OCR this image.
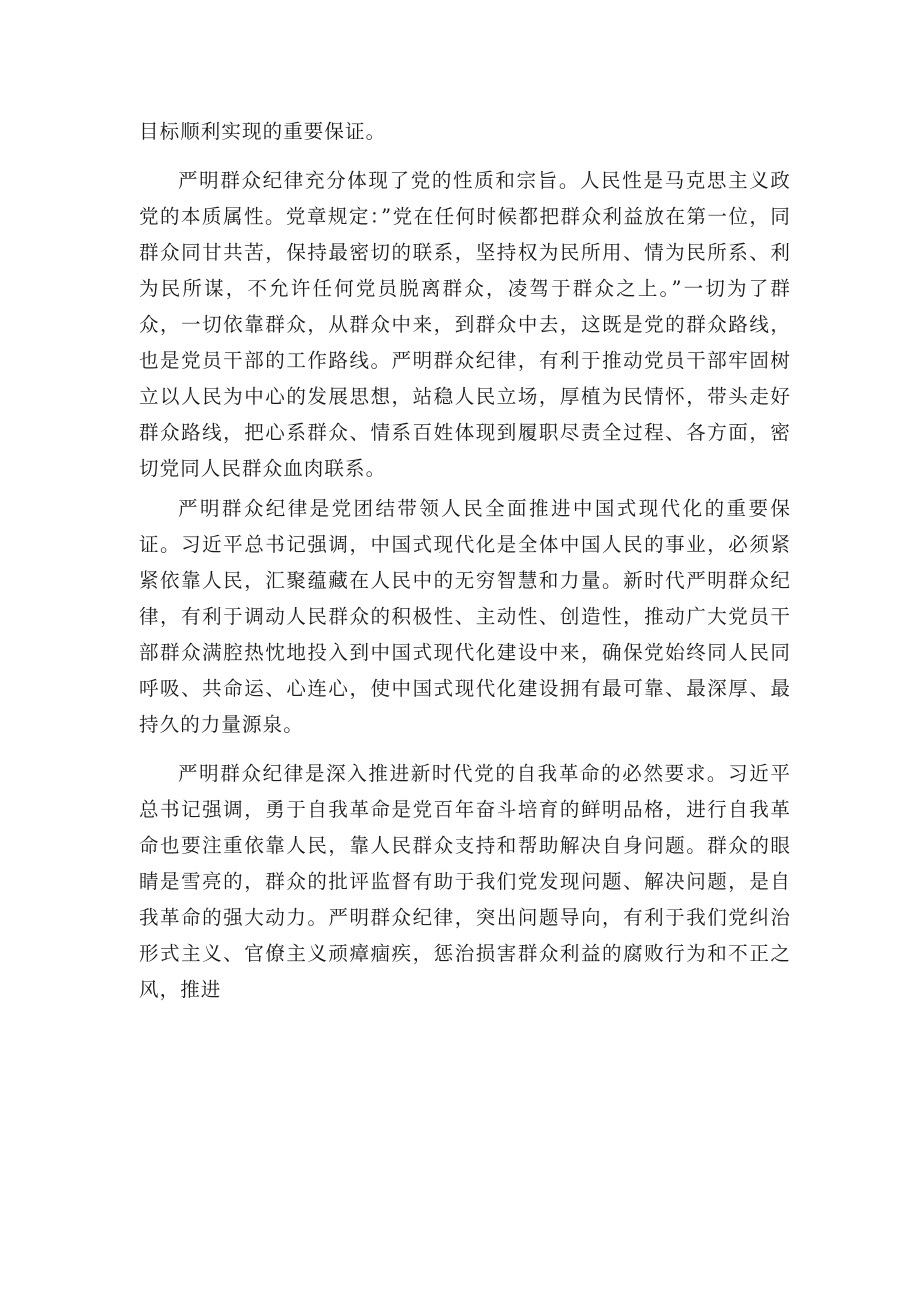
目标顺利实现的重要保证。

严明群众纪律充分体现了党的性质和宗旨。人民性是马克思主义政党的本质属性。党章规定：”党在任何时候都把群众利益放在第一位，同群众同甘共苦，保持最密切的联系，坚持权为民所用、情为民所系、利为民所谋，不允许任何党员脱离群众，凌驾于群众之上。”一切为了群众，一切依靠群众，从群众中来，到群众中去，这既是党的群众路线，也是党员干部的工作路线。严明群众纪律，有利于推动党员干部牢固树立以人民为中心的发展思想，站稳人民立场，厚植为民情怀，带头走好群众路线，把心系群众、情系百姓体现到履职尽责全过程、各方面，密切党同人民群众血肉联系。

严明群众纪律是党团结带领人民全面推进中国式现代化的重要保证。习近平总书记强调，中国式现代化是全体中国人民的事业，必须紧紧依靠人民，汇聚蕴藏在人民中的无穷智慧和力量。新时代严明群众纪律，有利于调动人民群众的积极性、主动性、创造性，推动广大党员干部群众满腔热忱地投入到中国式现代化建设中来，确保党始终同人民同呼吸、共命运、心连心，使中国式现代化建设拥有最可靠、最深厚、最持久的力量源泉。

严明群众纪律是深入推进新时代党的自我革命的必然要求。习近平总书记强调，勇于自我革命是党百年奋斗培育的鲜明品格，进行自我革命也要注重依靠人民，靠人民群众支持和帮助解决自身问题。群众的眼睛是雪亮的，群众的批评监督有助于我们党发现问题、解决问题，是自我革命的强大动力。严明群众纪律，突出问题导向，有利于我们党纠治形式主义、官僚主义顽瘴痼疾，惩治损害群众利益的腐败行为和不正之风，推进
